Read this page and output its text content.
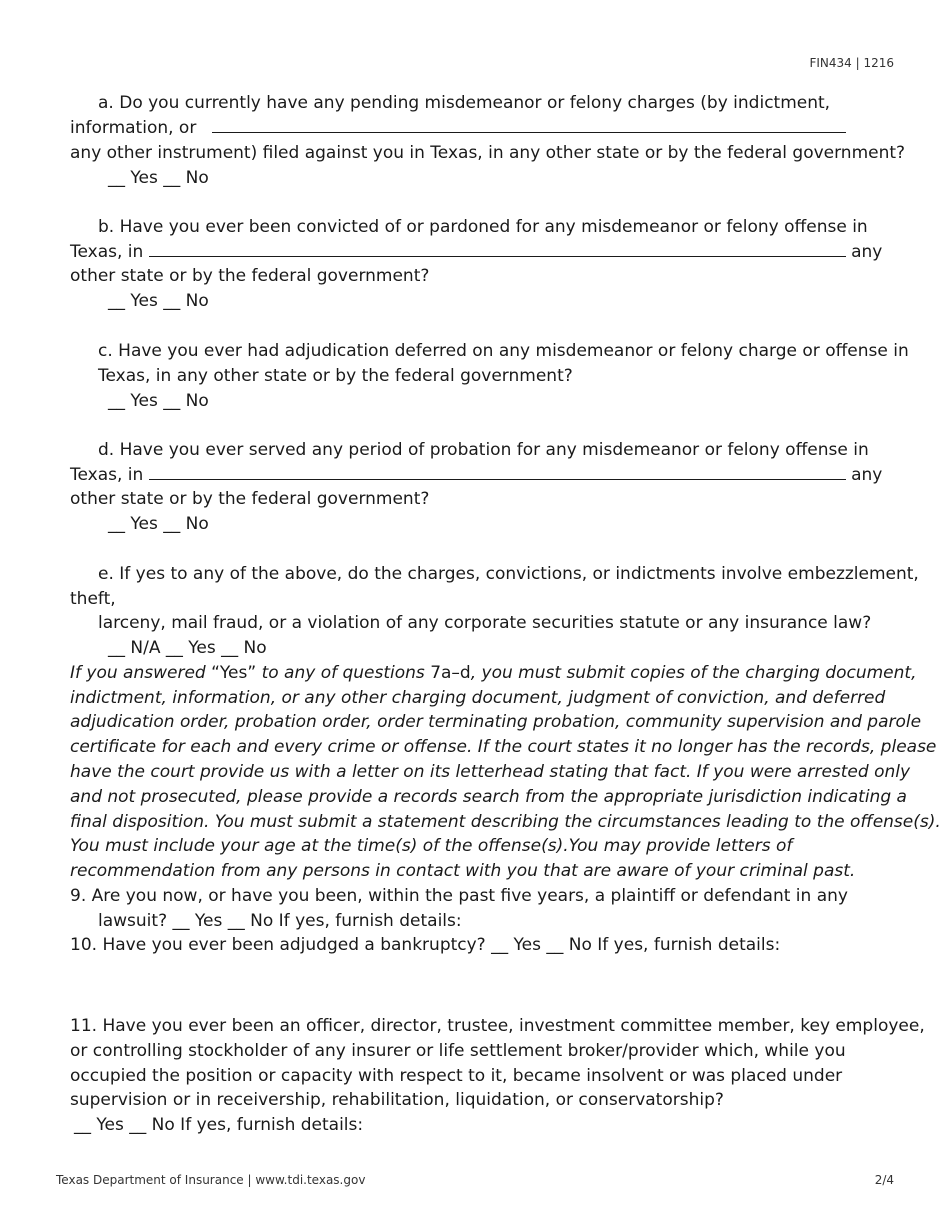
FIN434 | 1216
a. Do you currently have any pending misdemeanor or felony charges (by indictment,
information, or
any other instrument) filed against you in Texas, in any other state or by the federal government?
__ Yes __ No
b. Have you ever been convicted of or pardoned for any misdemeanor or felony offense in
Texas, in	any
other state or by the federal government?
__ Yes __ No
c. Have you ever had adjudication deferred on any misdemeanor or felony charge or offense in
Texas, in any other state or by the federal government?
__ Yes __ No
d. Have you ever served any period of probation for any misdemeanor or felony offense in
Texas, in	any
other state or by the federal government?
__ Yes __ No
e. If yes to any of the above, do the charges, convictions, or indictments involve embezzlement,
theft,
larceny, mail fraud, or a violation of any corporate securities statute or any insurance law?
__ N/A __ Yes __ No
If you answered “Yes” to any of questions 7a–d, you must submit copies of the charging document,
indictment, information, or any other charging document, judgment of conviction, and deferred
adjudication order, probation order, order terminating probation, community supervision and parole
certificate for each and every crime or offense. If the court states it no longer has the records, please
have the court provide us with a letter on its letterhead stating that fact. If you were arrested only
and not prosecuted, please provide a records search from the appropriate jurisdiction indicating a
final disposition. You must submit a statement describing the circumstances leading to the offense(s).
You must include your age at the time(s) of the offense(s).You may provide letters of
recommendation from any persons in contact with you that are aware of your criminal past.
9. Are you now, or have you been, within the past five years, a plaintiff or defendant in any
lawsuit? __ Yes __ No If yes, furnish details:
10. Have you ever been adjudged a bankruptcy? __ Yes __ No If yes, furnish details:
11. Have you ever been an officer, director, trustee, investment committee member, key employee,
or controlling stockholder of any insurer or life settlement broker/provider which, while you
occupied the position or capacity with respect to it, became insolvent or was placed under
supervision or in receivership, rehabilitation, liquidation, or conservatorship?
__ Yes __ No If yes, furnish details:
Texas Department of Insurance | www.tdi.texas.gov	2/4
